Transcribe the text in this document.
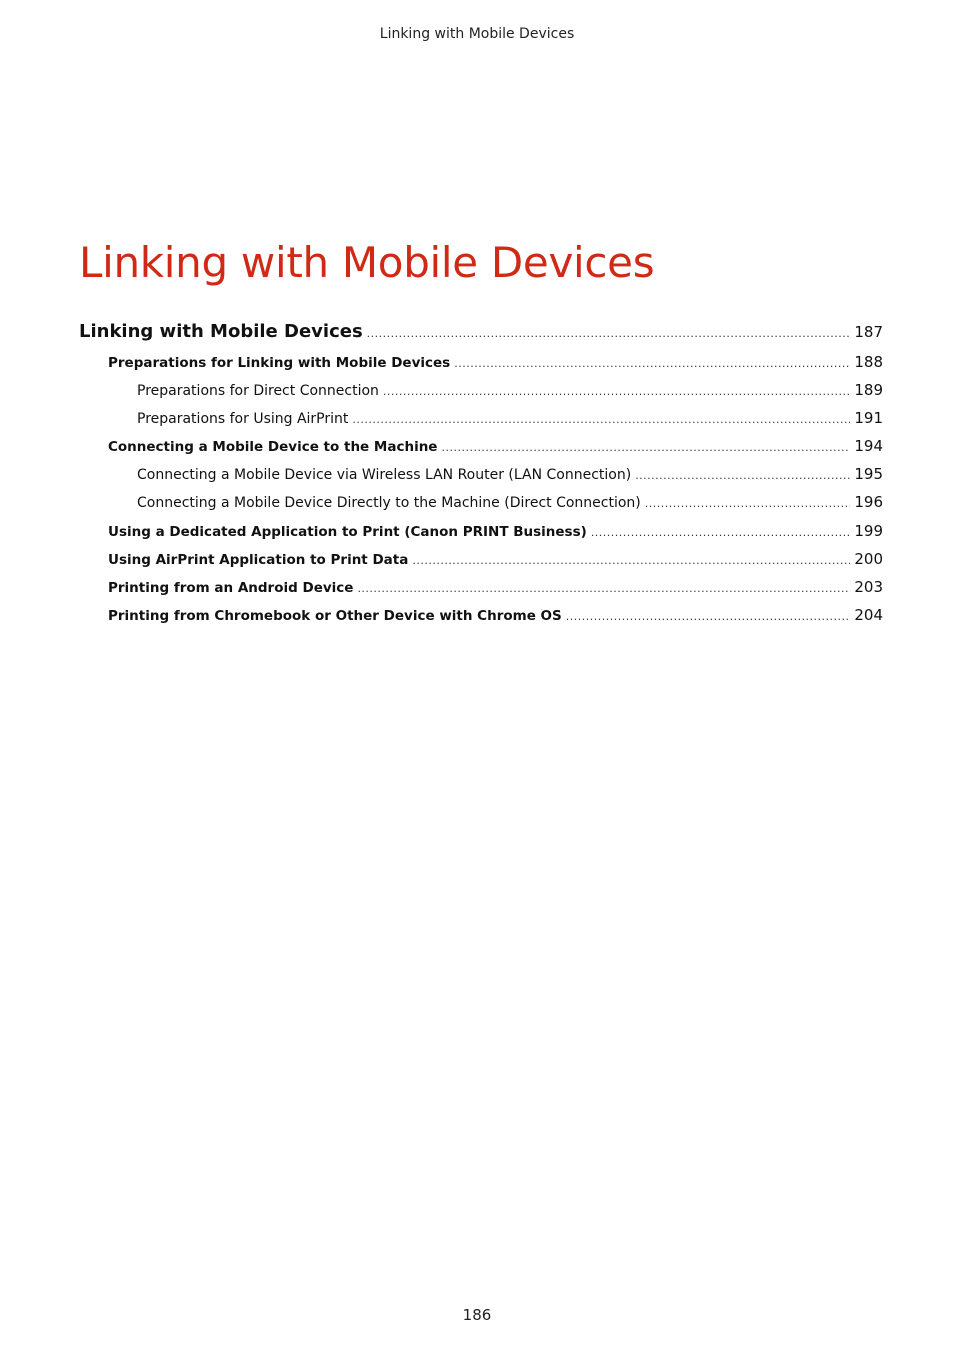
Linking with Mobile Devices
Linking with Mobile Devices
Linking with Mobile Devices .....	187
Preparations for Linking with Mobile Devices .....	188
Preparations for Direct Connection .....	189
Preparations for Using AirPrint .....	191
Connecting a Mobile Device to the Machine .....	194
Connecting a Mobile Device via Wireless LAN Router (LAN Connection) .....	195
Connecting a Mobile Device Directly to the Machine (Direct Connection) .....	196
Using a Dedicated Application to Print (Canon PRINT Business) .....	199
Using AirPrint Application to Print Data .....	200
Printing from an Android Device .....	203
Printing from Chromebook or Other Device with Chrome OS .....	204
186
